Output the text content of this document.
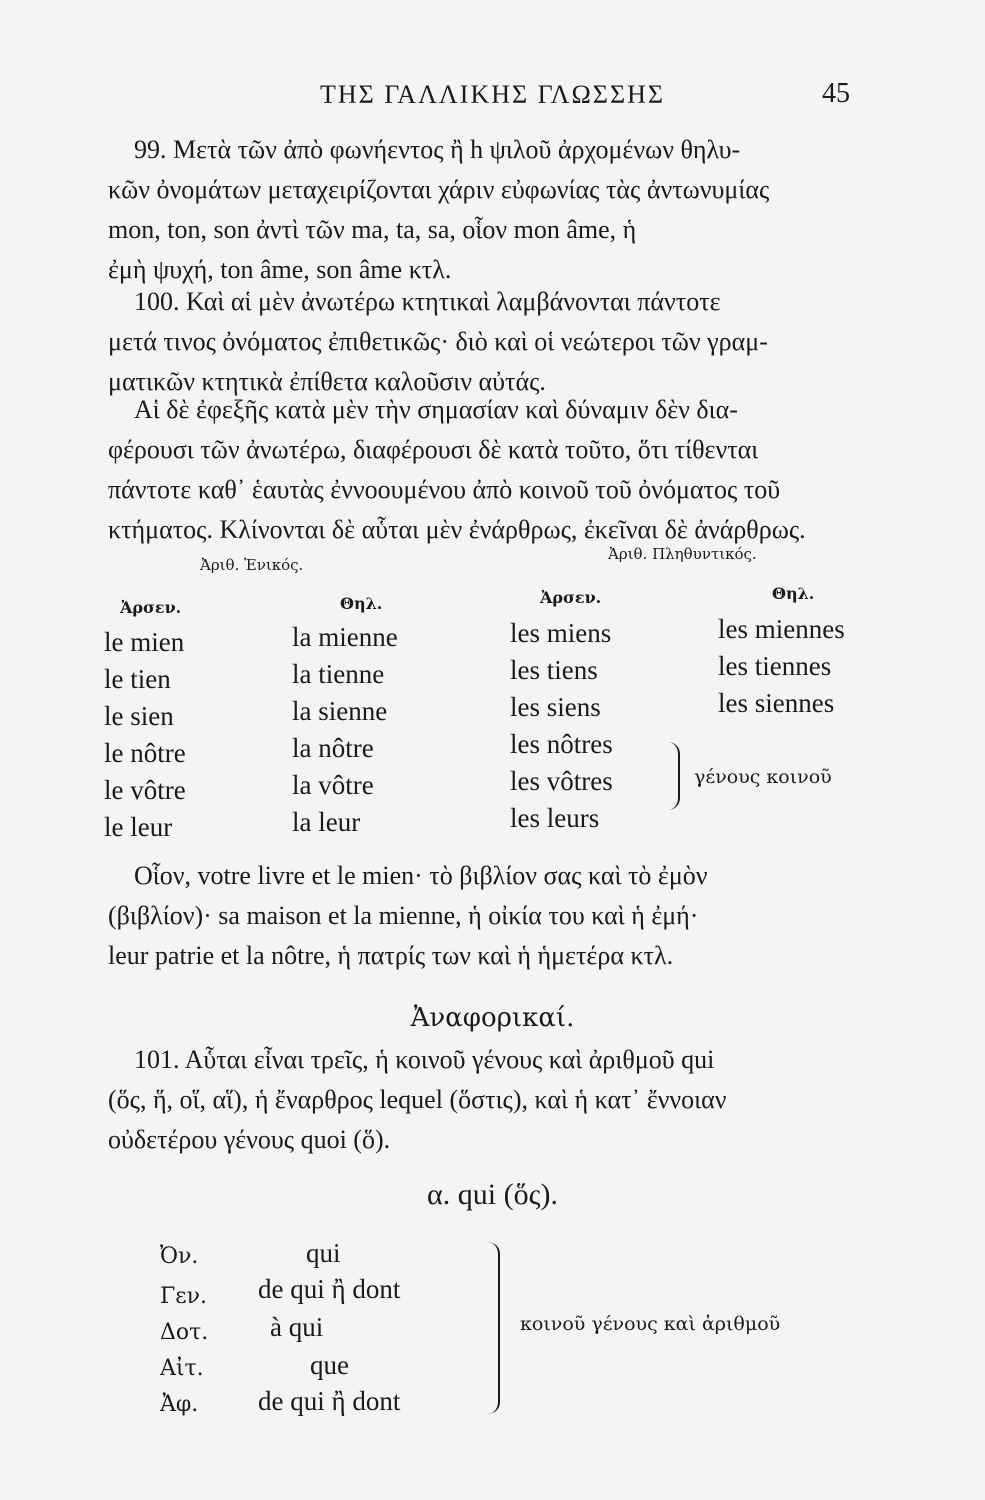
ΤΗΣ ΓΑΛΛΙΚΗΣ ΓΛΩΣΣΗΣ	45
99. Μετὰ τῶν ἀπὸ φωνήεντος ἢ h ψιλοῦ ἀρχομένων θηλυ-
κῶν ὀνομάτων μεταχειρίζονται χάριν εὐφωνίας τὰς ἀντωνυμίας
mon, ton, son ἀντὶ τῶν ma, ta, sa, οἷον mon âme, ἡ
ἐμὴ ψυχή, ton âme, son âme κτλ.
100. Καὶ αἱ μὲν ἀνωτέρω κτητικαὶ λαμβάνονται πάντοτε
μετά τινος ὀνόματος ἐπιθετικῶς· διὸ καὶ οἱ νεώτεροι τῶν γραμ-
ματικῶν κτητικὰ ἐπίθετα καλοῦσιν αὐτάς.
Αἱ δὲ ἐφεξῆς κατὰ μὲν τὴν σημασίαν καὶ δύναμιν δὲν δια-
φέρουσι τῶν ἀνωτέρω, διαφέρουσι δὲ κατὰ τοῦτο, ὅτι τίθενται
πάντοτε καθ᾽ ἑαυτὰς ἐννοουμένου ἀπὸ κοινοῦ τοῦ ὀνόματος τοῦ
κτήματος. Κλίνονται δὲ αὗται μὲν ἐνάρθρως, ἐκεῖναι δὲ ἀνάρθρως.
Ἀριθ. Ἑνικός.
Ἀριθ. Πληθυντικός.
Ἀρσεν.	Θηλ.	Ἀρσεν.	Θηλ.
le mien	la mienne	les miens	les miennes
le tien	la tienne	les tiens	les tiennes
le sien	la sienne	les siens	les siennes
le nôtre	la nôtre	les nôtres
le vôtre	la vôtre	les vôtres
le leur	la leur	les leurs
γένους κοινοῦ
Οἷον, votre livre et le mien· τὸ βιβλίον σας καὶ τὸ ἐμὸν
(βιβλίον)· sa maison et la mienne, ἡ οἰκία του καὶ ἡ ἐμή·
leur patrie et la nôtre, ἡ πατρίς των καὶ ἡ ἡμετέρα κτλ.
Ἀναφορικαί.
101. Αὗται εἶναι τρεῖς, ἡ κοινοῦ γένους καὶ ἀριθμοῦ qui
(ὅς, ἥ, οἵ, αἵ), ἡ ἔναρθρος lequel (ὅστις), καὶ ἡ κατ᾽ ἔννοιαν
οὐδετέρου γένους quoi (ὅ).
α. qui (ὅς).
Ὀν.	qui
Γεν. de qui ἢ dont
Δοτ. à qui
Αἰτ.	que
Ἀφ. de qui ἢ dont
κοινοῦ γένους καὶ ἀριθμοῦ
